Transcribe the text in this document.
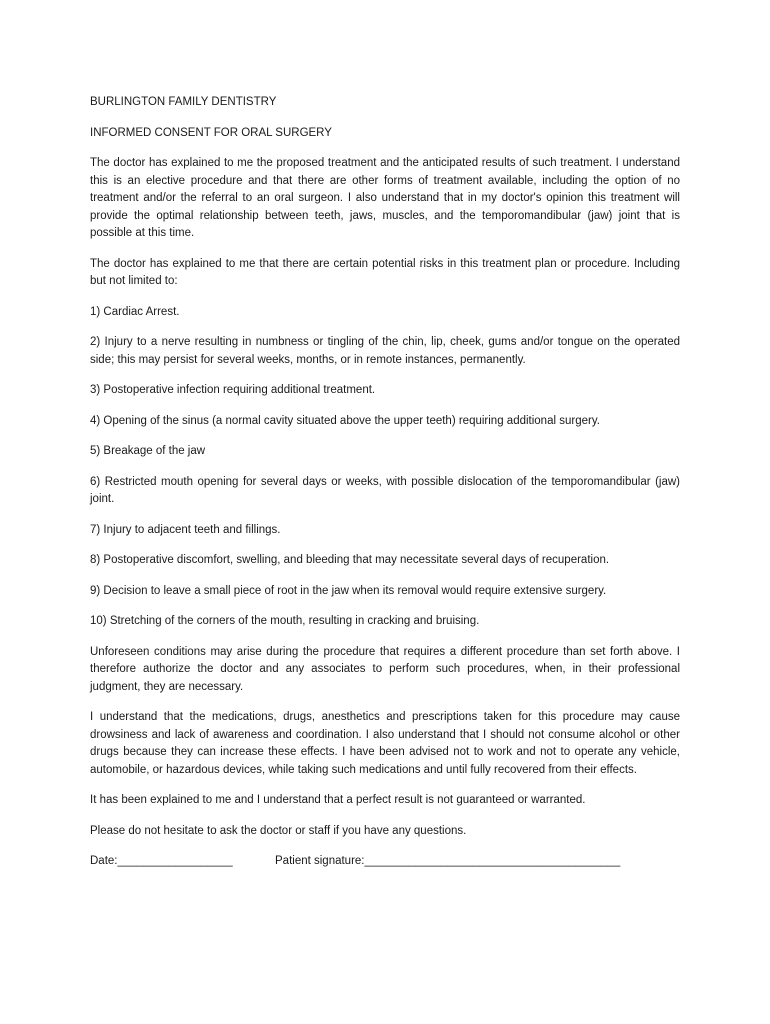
BURLINGTON FAMILY DENTISTRY
INFORMED CONSENT FOR ORAL SURGERY
The doctor has explained to me the proposed treatment and the anticipated results of such treatment. I understand this is an elective procedure and that there are other forms of treatment available, including the option of no treatment and/or the referral to an oral surgeon. I also understand that in my doctor's opinion this treatment will provide the optimal relationship between teeth, jaws, muscles, and the temporomandibular (jaw) joint that is possible at this time.
The doctor has explained to me that there are certain potential risks in this treatment plan or procedure. Including but not limited to:
1) Cardiac Arrest.
2) Injury to a nerve resulting in numbness or tingling of the chin, lip, cheek, gums and/or tongue on the operated side; this may persist for several weeks, months, or in remote instances, permanently.
3) Postoperative infection requiring additional treatment.
4) Opening of the sinus (a normal cavity situated above the upper teeth) requiring additional surgery.
5) Breakage of the jaw
6) Restricted mouth opening for several days or weeks, with possible dislocation of the temporomandibular (jaw) joint.
7) Injury to adjacent teeth and fillings.
8) Postoperative discomfort, swelling, and bleeding that may necessitate several days of recuperation.
9) Decision to leave a small piece of root in the jaw when its removal would require extensive surgery.
10) Stretching of the corners of the mouth, resulting in cracking and bruising.
Unforeseen conditions may arise during the procedure that requires a different procedure than set forth above. I therefore authorize the doctor and any associates to perform such procedures, when, in their professional judgment, they are necessary.
I understand that the medications, drugs, anesthetics and prescriptions taken for this procedure may cause drowsiness and lack of awareness and coordination. I also understand that I should not consume alcohol or other drugs because they can increase these effects. I have been advised not to work and not to operate any vehicle, automobile, or hazardous devices, while taking such medications and until fully recovered from their effects.
It has been explained to me and I understand that a perfect result is not guaranteed or warranted.
Please do not hesitate to ask the doctor or staff if you have any questions.
Date:__________________	Patient signature:________________________________________
